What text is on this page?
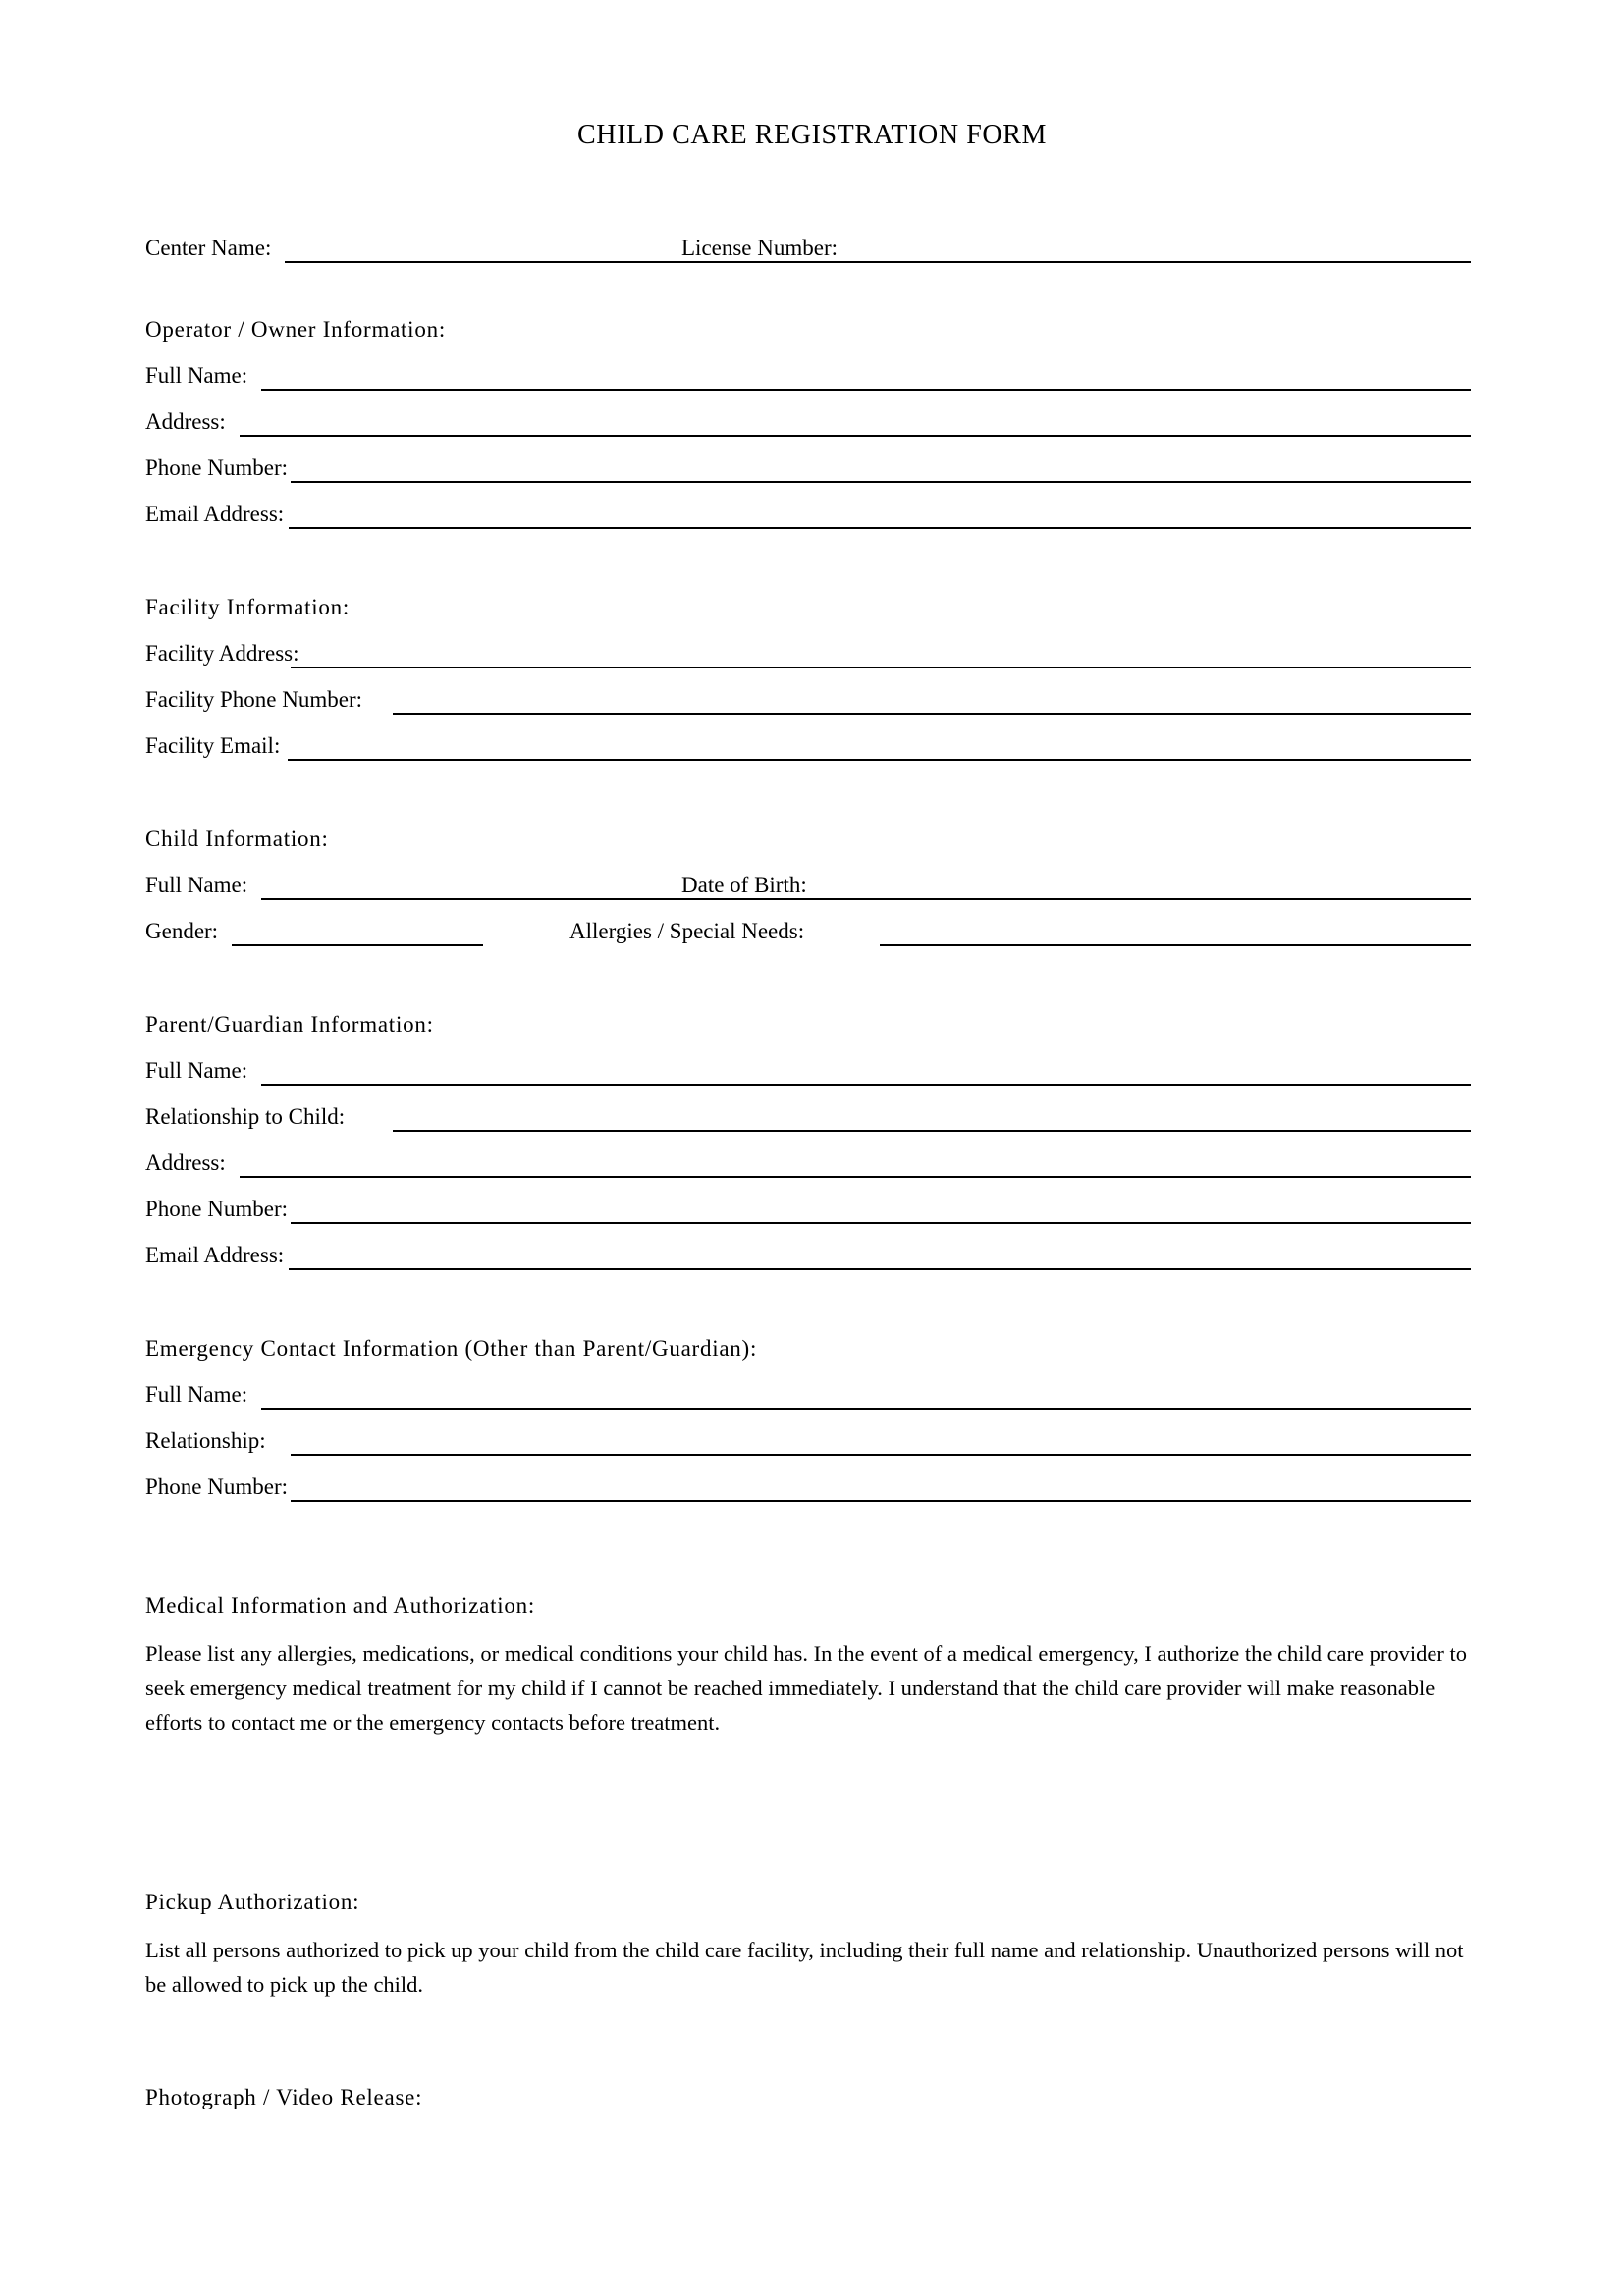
CHILD CARE REGISTRATION FORM
Center Name:	License Number:
Operator / Owner Information:
Full Name:
Address:
Phone Number:
Email Address:
Facility Information:
Facility Address:
Facility Phone Number:
Facility Email:
Child Information:
Full Name:	Date of Birth:
Gender:	Allergies / Special Needs:
Parent/Guardian Information:
Full Name:
Relationship to Child:
Address:
Phone Number:
Email Address:
Emergency Contact Information (Other than Parent/Guardian):
Full Name:
Relationship:
Phone Number:
Medical Information and Authorization:
Please list any allergies, medications, or medical conditions your child has. In the event of a medical emergency, I authorize the child care provider to seek emergency medical treatment for my child if I cannot be reached immediately. I understand that the child care provider will make reasonable efforts to contact me or the emergency contacts before treatment.
Pickup Authorization:
List all persons authorized to pick up your child from the child care facility, including their full name and relationship. Unauthorized persons will not be allowed to pick up the child.
Photograph / Video Release:
